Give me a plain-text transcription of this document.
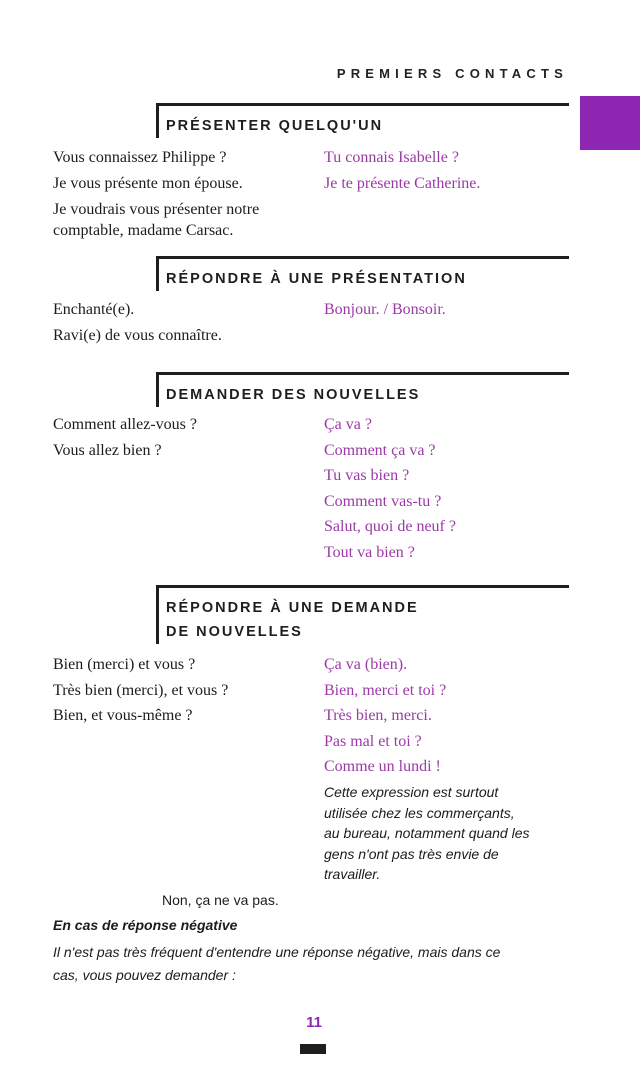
PREMIERS CONTACTS
PRÉSENTER QUELQU'UN
Vous connaissez Philippe ?
Je vous présente mon épouse.
Je voudrais vous présenter notre
comptable, madame Carsac.
Tu connais Isabelle ?
Je te présente Catherine.
RÉPONDRE À UNE PRÉSENTATION
Enchanté(e).
Ravi(e) de vous connaître.
Bonjour. / Bonsoir.
DEMANDER DES NOUVELLES
Comment allez-vous ?
Vous allez bien ?
Ça va ?
Comment ça va ?
Tu vas bien ?
Comment vas-tu ?
Salut, quoi de neuf ?
Tout va bien ?
RÉPONDRE À UNE DEMANDE
DE NOUVELLES
Bien (merci) et vous ?
Très bien (merci), et vous ?
Bien, et vous-même ?
Ça va (bien).
Bien, merci et toi ?
Très bien, merci.
Pas mal et toi ?
Comme un lundi !
Cette expression est surtout
utilisée chez les commerçants,
au bureau, notamment quand les
gens n'ont pas très envie de
travailler.
Non, ça ne va pas.
En cas de réponse négative
Il n'est pas très fréquent d'entendre une réponse négative, mais dans ce
cas, vous pouvez demander :
11
